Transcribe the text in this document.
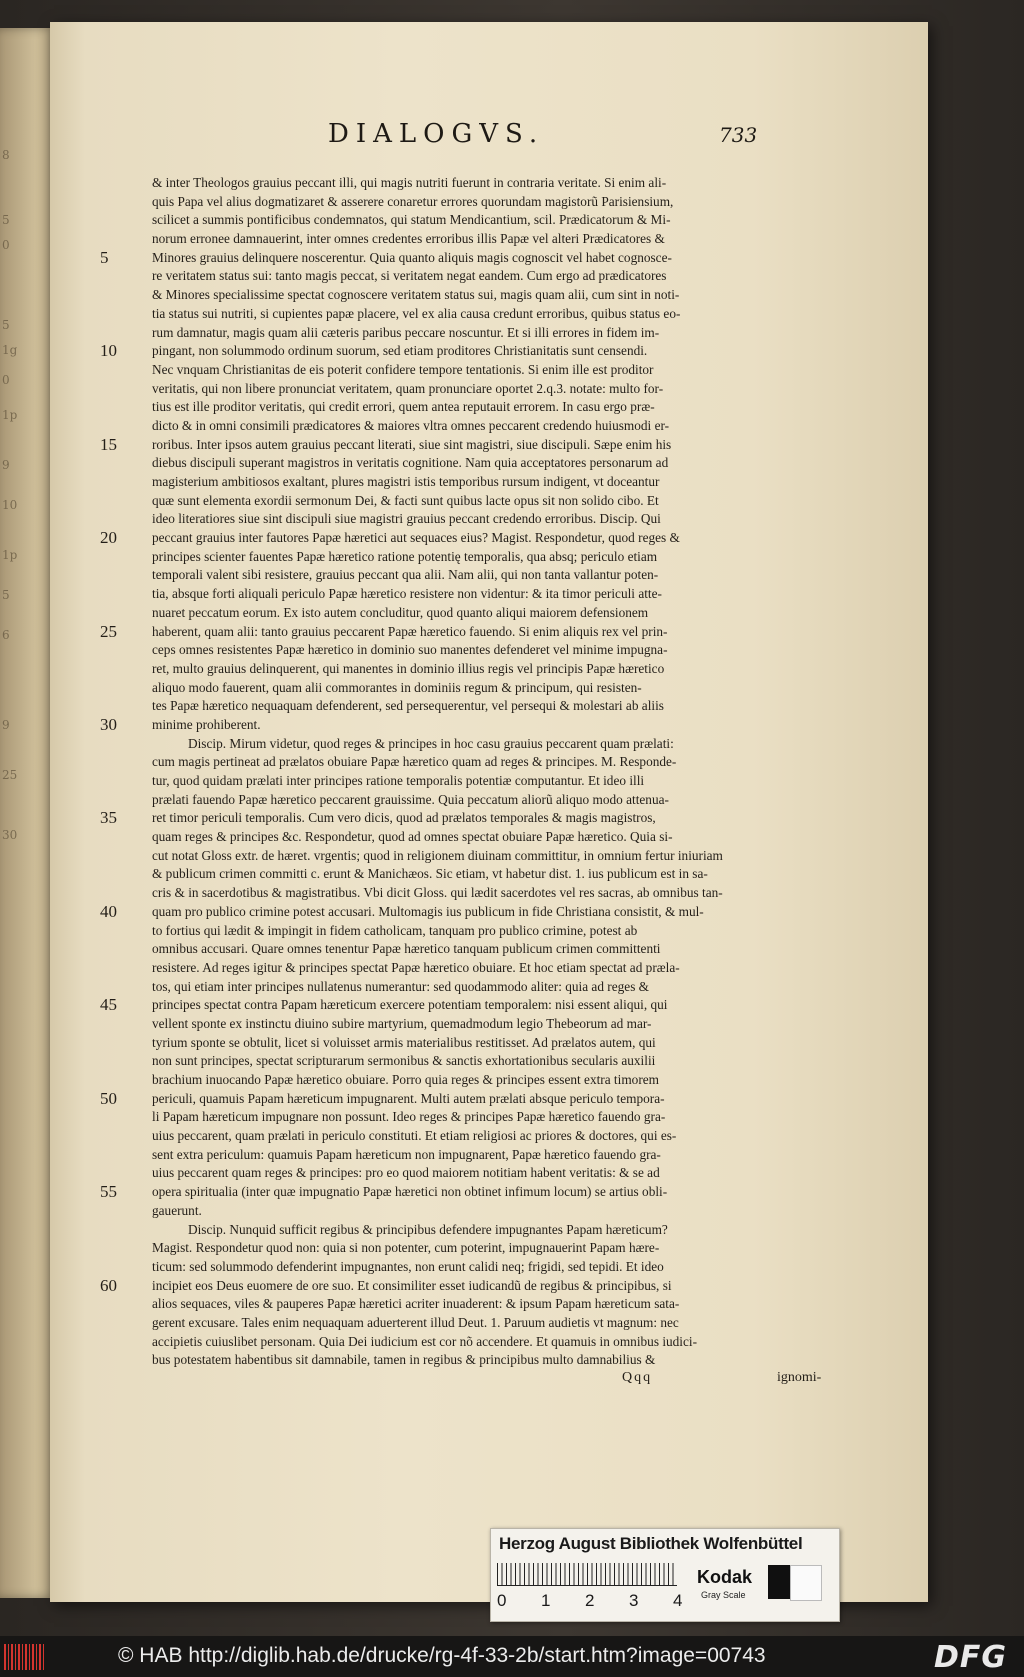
8
5
0
5
1g
0
1p
9
10
1p
5
6
9
25
30
DIALOGVS.	733
& inter Theologos grauius peccant illi, qui magis nutriti fuerunt in contraria veritate. Si enim ali-
quis Papa vel alius dogmatizaret & asserere conaretur errores quorundam magistorũ Parisiensium,
scilicet a summis pontificibus condemnatos, qui statum Mendicantium, scil. Prædicatorum & Mi-
norum erronee damnauerint, inter omnes credentes erroribus illis Papæ vel alteri Prædicatores &
5	Minores grauius delinquere noscerentur. Quia quanto aliquis magis cognoscit vel habet cognosce-
re veritatem status sui: tanto magis peccat, si veritatem negat eandem. Cum ergo ad prædicatores
& Minores specialissime spectat cognoscere veritatem status sui, magis quam alii, cum sint in noti-
tia status sui nutriti, si cupientes papæ placere, vel ex alia causa credunt erroribus, quibus status eo-
rum damnatur, magis quam alii cæteris paribus peccare noscuntur. Et si illi errores in fidem im-
10	pingant, non solummodo ordinum suorum, sed etiam proditores Christianitatis sunt censendi.
Nec vnquam Christianitas de eis poterit confidere tempore tentationis. Si enim ille est proditor
veritatis, qui non libere pronunciat veritatem, quam pronunciare oportet 2.q.3. notate: multo for-
tius est ille proditor veritatis, qui credit errori, quem antea reputauit errorem. In casu ergo præ-
dicto & in omni consimili prædicatores & maiores vltra omnes peccarent credendo huiusmodi er-
15	roribus. Inter ipsos autem grauius peccant literati, siue sint magistri, siue discipuli. Sæpe enim his
diebus discipuli superant magistros in veritatis cognitione. Nam quia acceptatores personarum ad
magisterium ambitiosos exaltant, plures magistri istis temporibus rursum indigent, vt doceantur
quæ sunt elementa exordii sermonum Dei, & facti sunt quibus lacte opus sit non solido cibo. Et
ideo literatiores siue sint discipuli siue magistri grauius peccant credendo erroribus. Discip. Qui
20	peccant grauius inter fautores Papæ hæretici aut sequaces eius? Magist. Respondetur, quod reges &
principes scienter fauentes Papæ hæretico ratione potentię temporalis, qua absq; periculo etiam
temporali valent sibi resistere, grauius peccant qua alii. Nam alii, qui non tanta vallantur poten-
tia, absque forti aliquali periculo Papæ hæretico resistere non videntur: & ita timor periculi atte-
nuaret peccatum eorum. Ex isto autem concluditur, quod quanto aliqui maiorem defensionem
25	haberent, quam alii: tanto grauius peccarent Papæ hæretico fauendo. Si enim aliquis rex vel prin-
ceps omnes resistentes Papæ hæretico in dominio suo manentes defenderet vel minime impugna-
ret, multo grauius delinquerent, qui manentes in dominio illius regis vel principis Papæ hæretico
aliquo modo fauerent, quam alii commorantes in dominiis regum & principum, qui resisten-
tes Papæ hæretico nequaquam defenderent, sed persequerentur, vel persequi & molestari ab aliis
30	minime prohiberent.
Discip. Mirum videtur, quod reges & principes in hoc casu grauius peccarent quam prælati:
cum magis pertineat ad prælatos obuiare Papæ hæretico quam ad reges & principes. M. Responde-
tur, quod quidam prælati inter principes ratione temporalis potentiæ computantur. Et ideo illi
prælati fauendo Papæ hæretico peccarent grauissime. Quia peccatum aliorũ aliquo modo attenua-
35	ret timor periculi temporalis. Cum vero dicis, quod ad prælatos temporales & magis magistros,
quam reges & principes &c. Respondetur, quod ad omnes spectat obuiare Papæ hæretico. Quia si-
cut notat Gloss extr. de hæret. vrgentis; quod in religionem diuinam committitur, in omnium fertur iniuriam
& publicum crimen committi c. erunt & Manichæos. Sic etiam, vt habetur dist. 1. ius publicum est in sa-
cris & in sacerdotibus & magistratibus. Vbi dicit Gloss. qui lædit sacerdotes vel res sacras, ab omnibus tan-
40	quam pro publico crimine potest accusari. Multomagis ius publicum in fide Christiana consistit, & mul-
to fortius qui lædit & impingit in fidem catholicam, tanquam pro publico crimine, potest ab
omnibus accusari. Quare omnes tenentur Papæ hæretico tanquam publicum crimen committenti
resistere. Ad reges igitur & principes spectat Papæ hæretico obuiare. Et hoc etiam spectat ad præla-
tos, qui etiam inter principes nullatenus numerantur: sed quodammodo aliter: quia ad reges &
45	principes spectat contra Papam hæreticum exercere potentiam temporalem: nisi essent aliqui, qui
vellent sponte ex instinctu diuino subire martyrium, quemadmodum legio Thebeorum ad mar-
tyrium sponte se obtulit, licet si voluisset armis materialibus restitisset. Ad prælatos autem, qui
non sunt principes, spectat scripturarum sermonibus & sanctis exhortationibus secularis auxilii
brachium inuocando Papæ hæretico obuiare. Porro quia reges & principes essent extra timorem
50	periculi, quamuis Papam hæreticum impugnarent. Multi autem prælati absque periculo tempora-
li Papam hæreticum impugnare non possunt. Ideo reges & principes Papæ hæretico fauendo gra-
uius peccarent, quam prælati in periculo constituti. Et etiam religiosi ac priores & doctores, qui es-
sent extra periculum: quamuis Papam hæreticum non impugnarent, Papæ hæretico fauendo gra-
uius peccarent quam reges & principes: pro eo quod maiorem notitiam habent veritatis: & se ad
55	opera spiritualia (inter quæ impugnatio Papæ hæretici non obtinet infimum locum) se artius obli-
gauerunt.
Discip. Nunquid sufficit regibus & principibus defendere impugnantes Papam hæreticum?
Magist. Respondetur quod non: quia si non potenter, cum poterint, impugnauerint Papam hære-
ticum: sed solummodo defenderint impugnantes, non erunt calidi neq; frigidi, sed tepidi. Et ideo
60	incipiet eos Deus euomere de ore suo. Et consimiliter esset iudicandũ de regibus & principibus, si
alios sequaces, viles & pauperes Papæ hæretici acriter inuaderent: & ipsum Papam hæreticum sata-
gerent excusare. Tales enim nequaquam aduerterent illud Deut. 1. Paruum audietis vt magnum: nec
accipietis cuiuslibet personam. Quia Dei iudicium est cor nõ accendere. Et quamuis in omnibus iudici-
bus potestatem habentibus sit damnabile, tamen in regibus & principibus multo damnabilius &
Qqq	ignomi-
Herzog August Bibliothek Wolfenbüttel
0 1 2 3 4
Kodak
Gray Scale
© HAB http://diglib.hab.de/drucke/rg-4f-33-2b/start.htm?image=00743	DFG
